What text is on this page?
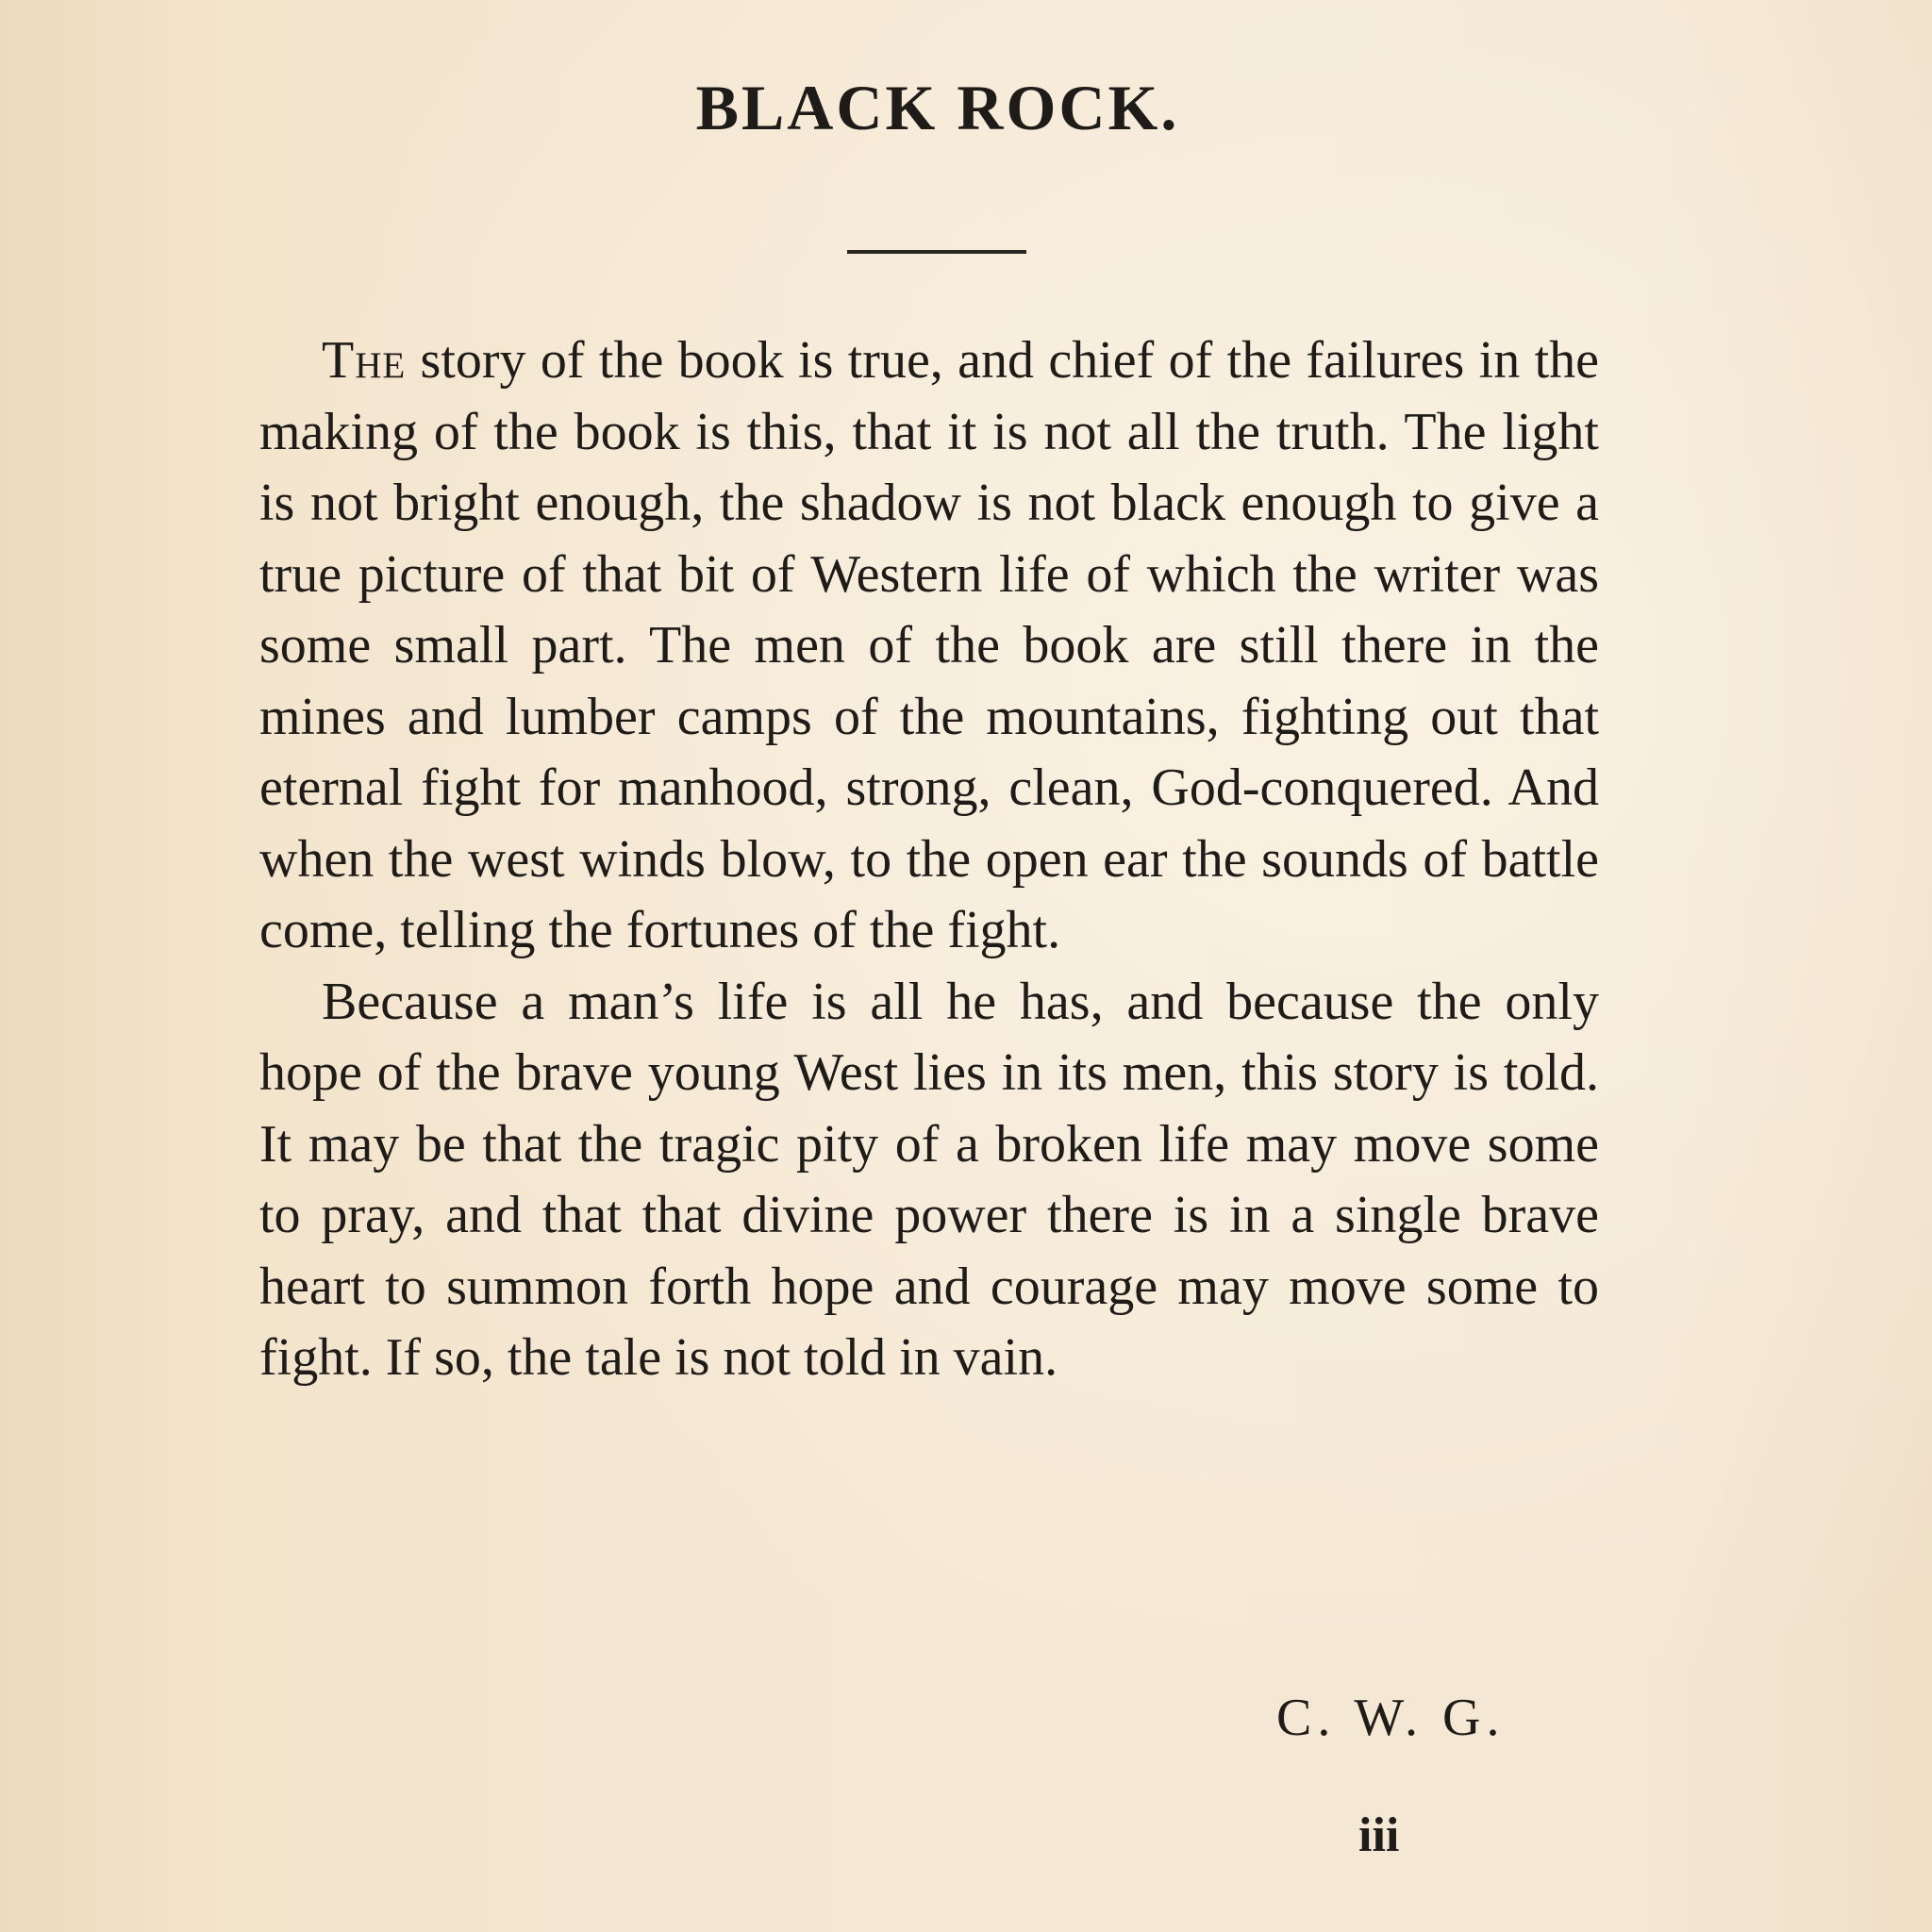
BLACK ROCK.

The story of the book is true, and chief of the failures in the making of the book is this, that it is not all the truth. The light is not bright enough, the shadow is not black enough to give a true picture of that bit of Western life of which the writer was some small part. The men of the book are still there in the mines and lumber camps of the mountains, fighting out that eternal fight for manhood, strong, clean, God-conquered. And when the west winds blow, to the open ear the sounds of battle come, telling the fortunes of the fight.

Because a man’s life is all he has, and because the only hope of the brave young West lies in its men, this story is told. It may be that the tragic pity of a broken life may move some to pray, and that that divine power there is in a single brave heart to summon forth hope and courage may move some to fight. If so, the tale is not told in vain.

C. W. G.
iii
